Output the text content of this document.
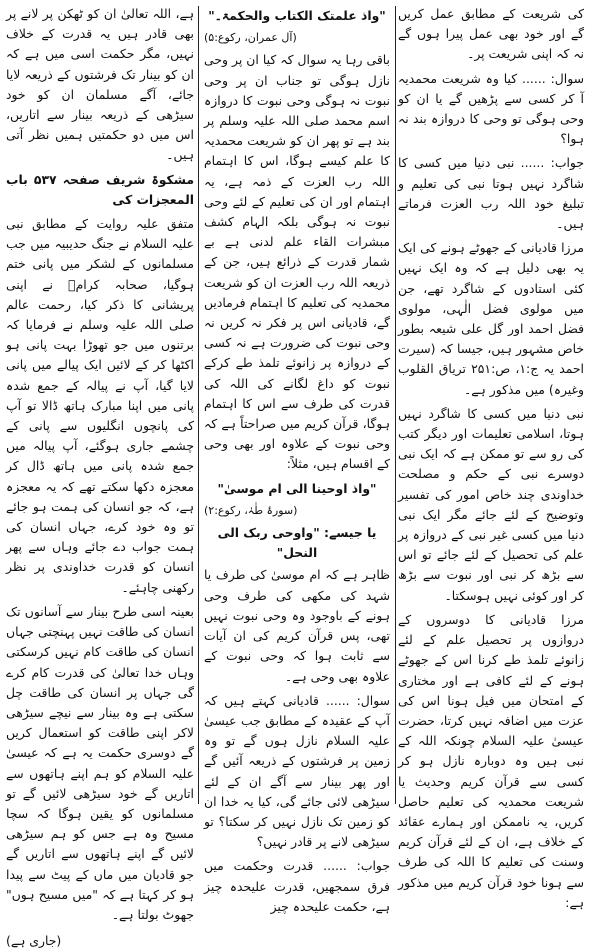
کی شریعت کے مطابق عمل کریں گے اور خود بھی عمل پیرا ہوں گے نہ کہ اپنی شریعت پر۔

سوال: ...... کیا وہ شریعت محمدیہ آ کر کسی سے پڑھیں گے یا ان کو وحی ہوگی تو وحی کا دروازہ بند نہ ہوا؟

جواب: ...... نبی دنیا میں کسی کا شاگرد نہیں ہوتا نبی کی تعلیم و تبلیغ خود اللہ رب العزت فرماتے ہیں۔

مرزا قادیانی کے جھوٹے ہونے کی ایک یہ بھی دلیل ہے کہ وہ ایک نہیں کئی استادوں کے شاگرد تھے، جن میں مولوی فضل الٰہی، مولوی فضل احمد اور گل علی شیعہ بطور خاص مشہور ہیں، جیسا کہ (سیرت احمد یہ ج:۱، ص:۲۵۱ تریاق القلوب وغیرہ) میں مذکور ہے۔

نبی دنیا میں کسی کا شاگرد نہیں ہوتا، اسلامی تعلیمات اور دیگر کتب کی رو سے تو ممکن ہے کہ ایک نبی دوسرے نبی کے حکم و مصلحت خداوندی چند خاص امور کی تفسیر وتوضیح کے لئے جائے مگر ایک نبی دنیا میں کسی غیر نبی کے دروازہ پر علم کی تحصیل کے لئے جائے تو اس سے بڑھ کر نبی اور نبوت سے بڑھ کر اور کوئی نہیں ہوسکتا۔

مرزا قادیانی کا دوسروں کے دروازوں پر تحصیل علم کے لئے زانوئے تلمذ طے کرنا اس کے جھوٹے ہونے کے لئے کافی ہے اور مختاری کے امتحان میں فیل ہونا اس کی عزت میں اضافہ نہیں کرتا، حضرت عیسیٰ علیہ السلام چونکہ اللہ کے نبی ہیں وہ دوبارہ نازل ہو کر کسی سے قرآن کریم وحدیث یا شریعت محمدیہ کی تعلیم حاصل کریں، یہ ناممکن اور ہمارے عقائد کے خلاف ہے، ان کے لئے قرآن کریم وسنت کی تعلیم کا اللہ کی طرف سے ہونا خود قرآن کریم میں مذکور ہے:

"واذ علمتک الکتاب والحکمۃ۔"
(آل عمران، رکوع:۵)

باقی رہا یہ سوال کہ کیا ان پر وحی نازل ہوگی تو جناب ان پر وحی نبوت نہ ہوگی وحی نبوت کا دروازہ اسم محمد صلی اللہ علیہ وسلم پر بند ہے تو پھر ان کو شریعت محمدیہ کا علم کیسے ہوگا، اس کا اہتمام اللہ رب العزت کے ذمہ ہے، یہ اہتمام اور ان کی تعلیم کے لئے وحی نبوت نہ ہوگی بلکہ الہام کشف مبشرات القاء علم لدنی ہے بے شمار قدرت کے ذرائع ہیں، جن کے ذریعہ اللہ رب العزت ان کو شریعت محمدیہ کی تعلیم کا اہتمام فرمادیں گے، قادیانی اس پر فکر نہ کریں نہ وحی نبوت کی ضرورت ہے نہ کسی کے دروازہ پر زانوئے تلمذ طے کرکے نبوت کو داغ لگانے کی اللہ کی قدرت کی طرف سے اس کا اہتمام ہوگا، قرآن کریم میں صراحتاً ہے کہ وحی نبوت کے علاوہ اور بھی وحی کے اقسام ہیں، مثلاً:

"واذ اوحینا الی ام موسیٰ"
(سورۂ طٰہٰ، رکوع:۲)
یا جیسے: "واوحی ربک الی النحل"

ظاہر ہے کہ ام موسیٰ کی طرف یا شہد کی مکھی کی طرف وحی ہونے کے باوجود وہ وحی نبوت نہیں تھی، پس قرآن کریم کی ان آیات سے ثابت ہوا کہ وحی نبوت کے علاوہ بھی وحی ہے۔

سوال: ...... قادیانی کہتے ہیں کہ آپ کے عقیدہ کے مطابق جب عیسیٰ علیہ السلام نازل ہوں گے تو وہ زمین پر فرشتوں کے ذریعہ آئیں گے اور پھر بینار سے آگے ان کے لئے سیڑھی لائی جائے گی، کیا یہ خدا ان کو زمین تک نازل نہیں کر سکتا؟ تو سیڑھی لانے پر قادر نہیں؟

جواب: ...... قدرت وحکمت میں فرق سمجھیں، قدرت علیحدہ چیز ہے، حکمت علیحدہ چیز

ہے، اللہ تعالیٰ ان کو ٹھکن پر لانے پر بھی قادر ہیں یہ قدرت کے خلاف نہیں، مگر حکمت اسی میں ہے کہ ان کو بینار تک فرشتوں کے ذریعہ لایا جائے، آگے مسلمان ان کو خود سیڑھی کے ذریعہ بینار سے اتاریں، اس میں دو حکمتیں ہمیں نظر آتی ہیں۔

مشکوۃ شریف صفحہ ۵۳۷ باب المعجزات کی

متفق علیہ روایت کے مطابق نبی علیہ السلام نے جنگ حدیبیہ میں جب مسلمانوں کے لشکر میں پانی ختم ہوگیا، صحابہ کرامؓ نے اپنی پریشانی کا ذکر کیا، رحمت عالم صلی اللہ علیہ وسلم نے فرمایا کہ برتنوں میں جو تھوڑا بہت پانی ہو اکٹھا کر کے لائیں ایک پیالے میں پانی لایا گیا، آپ نے پیالہ کے جمع شدہ پانی میں اپنا مبارک ہاتھ ڈالا تو آپ کی پانچوں انگلیوں سے پانی کے چشمے جاری ہوگئے، آپ پیالہ میں جمع شدہ پانی میں ہاتھ ڈال کر معجزہ دکھا سکتے تھے کہ یہ معجزہ ہے، کہ جو انسان کی ہمت ہو جائے تو وہ خود کرے، جہاں انسان کی ہمت جواب دے جائے وہاں سے پھر انسان کو قدرت خداوندی پر نظر رکھنی چاہئے۔

بعینہ اسی طرح بینار سے آسانوں تک انسان کی طاقت نہیں پہنچتی جہاں انسان کی طاقت کام نہیں کرسکتی وہاں خدا تعالیٰ کی قدرت کام کرے گی جہاں پر انسان کی طاقت چل سکتی ہے وہ بینار سے نیچے سیڑھی لاکر اپنی طاقت کو استعمال کریں گے دوسری حکمت یہ ہے کہ عیسیٰ علیہ السلام کو ہم اپنے ہاتھوں سے اتاریں گے خود سیڑھی لائیں گے تو مسلمانوں کو یقین ہوگا کہ سچا مسیح وہ ہے جس کو ہم سیڑھی لائیں گے اپنے ہاتھوں سے اتاریں گے جو قادیان میں ماں کے پیٹ سے پیدا ہو کر کہتا ہے کہ "میں مسیح ہوں" جھوٹ بولتا ہے۔

(جاری ہے)
